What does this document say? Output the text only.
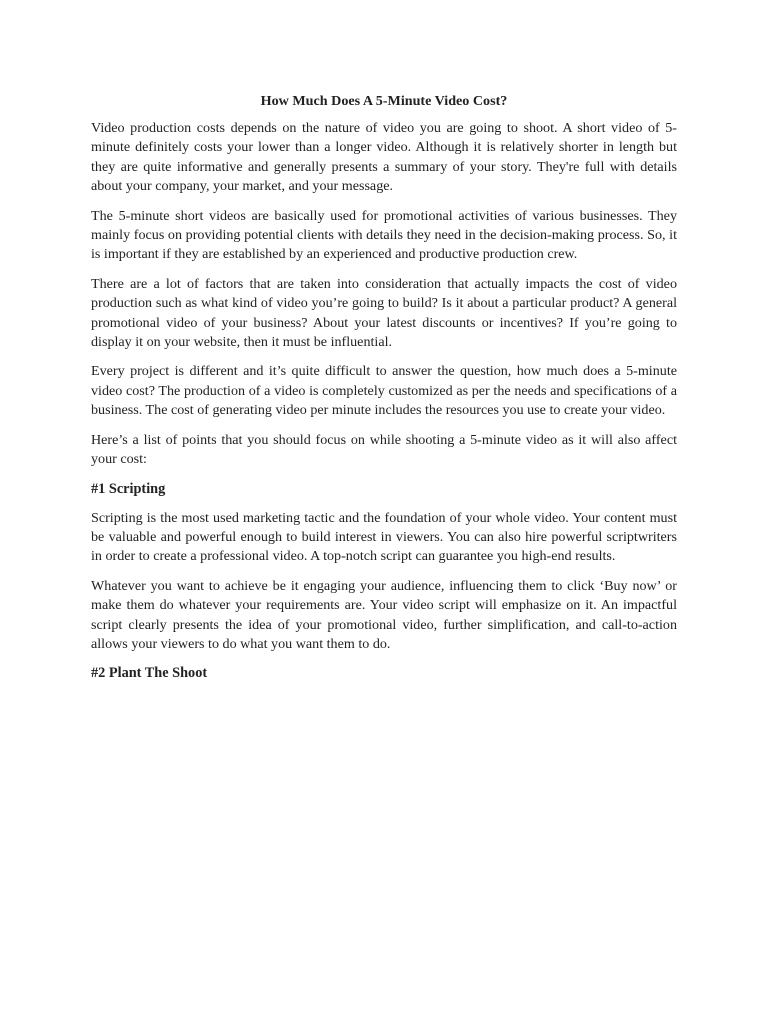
How Much Does A 5-Minute Video Cost?

Video production costs depends on the nature of video you are going to shoot. A short video of 5-minute definitely costs your lower than a longer video. Although it is relatively shorter in length but they are quite informative and generally presents a summary of your story. They're full with details about your company, your market, and your message.

The 5-minute short videos are basically used for promotional activities of various businesses. They mainly focus on providing potential clients with details they need in the decision-making process. So, it is important if they are established by an experienced and productive production crew.

There are a lot of factors that are taken into consideration that actually impacts the cost of video production such as what kind of video you’re going to build? Is it about a particular product? A general promotional video of your business? About your latest discounts or incentives? If you’re going to display it on your website, then it must be influential.

Every project is different and it’s quite difficult to answer the question, how much does a 5-minute video cost? The production of a video is completely customized as per the needs and specifications of a business. The cost of generating video per minute includes the resources you use to create your video.

Here’s a list of points that you should focus on while shooting a 5-minute video as it will also affect your cost:

#1 Scripting

Scripting is the most used marketing tactic and the foundation of your whole video. Your content must be valuable and powerful enough to build interest in viewers. You can also hire powerful scriptwriters in order to create a professional video. A top-notch script can guarantee you high-end results.

Whatever you want to achieve be it engaging your audience, influencing them to click ‘Buy now’ or make them do whatever your requirements are. Your video script will emphasize on it. An impactful script clearly presents the idea of your promotional video, further simplification, and call-to-action allows your viewers to do what you want them to do.

#2 Plant The Shoot
